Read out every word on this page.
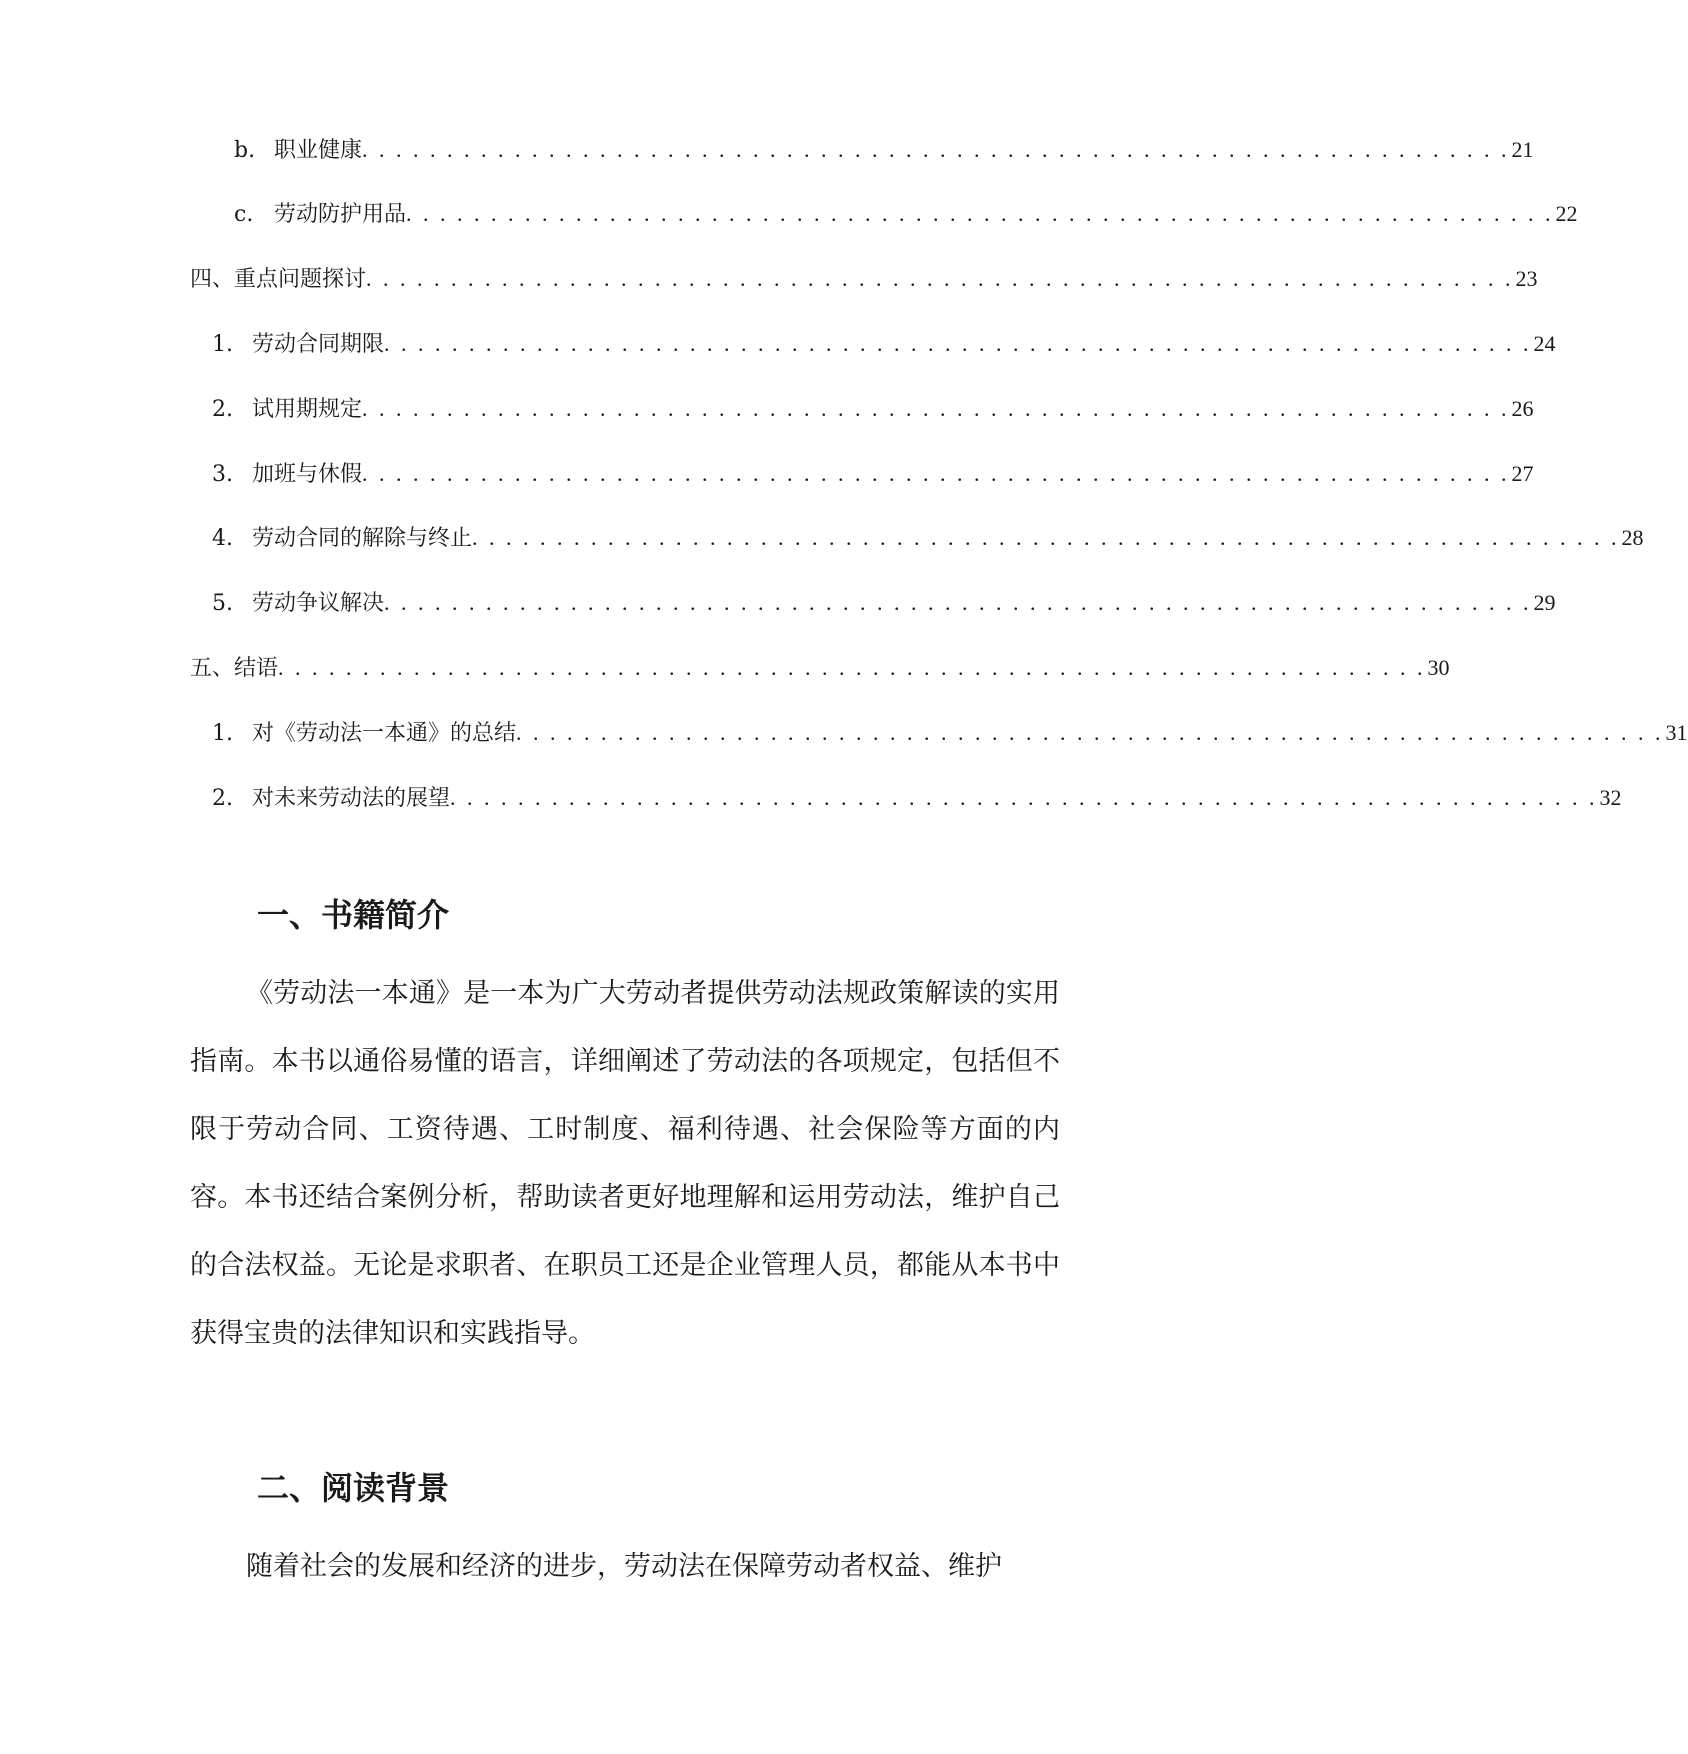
b. 职业健康 . . . . . . . . . . . . . . . . . . . . . . . . . . . . . . . . . . . . . . . . . . . . . . . . . . . . . . . . . . . . . . . . . . . . 21
c. 劳动防护用品 . . . . . . . . . . . . . . . . . . . . . . . . . . . . . . . . . . . . . . . . . . . . . . . . . . . . . . . . . . . . . . . . . . . . 22
四、重点问题探讨 . . . . . . . . . . . . . . . . . . . . . . . . . . . . . . . . . . . . . . . . . . . . . . . . . . . . . . . . . . . . . . . . . . . . 23
1. 劳动合同期限 . . . . . . . . . . . . . . . . . . . . . . . . . . . . . . . . . . . . . . . . . . . . . . . . . . . . . . . . . . . . . . . . . . . . 24
2. 试用期规定 . . . . . . . . . . . . . . . . . . . . . . . . . . . . . . . . . . . . . . . . . . . . . . . . . . . . . . . . . . . . . . . . . . . . 26
3. 加班与休假 . . . . . . . . . . . . . . . . . . . . . . . . . . . . . . . . . . . . . . . . . . . . . . . . . . . . . . . . . . . . . . . . . . . . 27
4. 劳动合同的解除与终止 . . . . . . . . . . . . . . . . . . . . . . . . . . . . . . . . . . . . . . . . . . . . . . . . . . . . . . . . . . . . . . . . . . . . 28
5. 劳动争议解决 . . . . . . . . . . . . . . . . . . . . . . . . . . . . . . . . . . . . . . . . . . . . . . . . . . . . . . . . . . . . . . . . . . . . 29
五、结语 . . . . . . . . . . . . . . . . . . . . . . . . . . . . . . . . . . . . . . . . . . . . . . . . . . . . . . . . . . . . . . . . . . . . 30
1. 对《劳动法一本通》的总结 . . . . . . . . . . . . . . . . . . . . . . . . . . . . . . . . . . . . . . . . . . . . . . . . . . . . . . . . . . . . . . . . . . . . 31
2. 对未来劳动法的展望 . . . . . . . . . . . . . . . . . . . . . . . . . . . . . . . . . . . . . . . . . . . . . . . . . . . . . . . . . . . . . . . . . . . . 32
一、书籍简介

《劳动法一本通》是一本为广大劳动者提供劳动法规政策解读的实用指南。本书以通俗易懂的语言，详细阐述了劳动法的各项规定，包括但不限于劳动合同、工资待遇、工时制度、福利待遇、社会保险等方面的内容。本书还结合案例分析，帮助读者更好地理解和运用劳动法，维护自己的合法权益。无论是求职者、在职员工还是企业管理人员，都能从本书中获得宝贵的法律知识和实践指导。

二、阅读背景

随着社会的发展和经济的进步，劳动法在保障劳动者权益、维护
